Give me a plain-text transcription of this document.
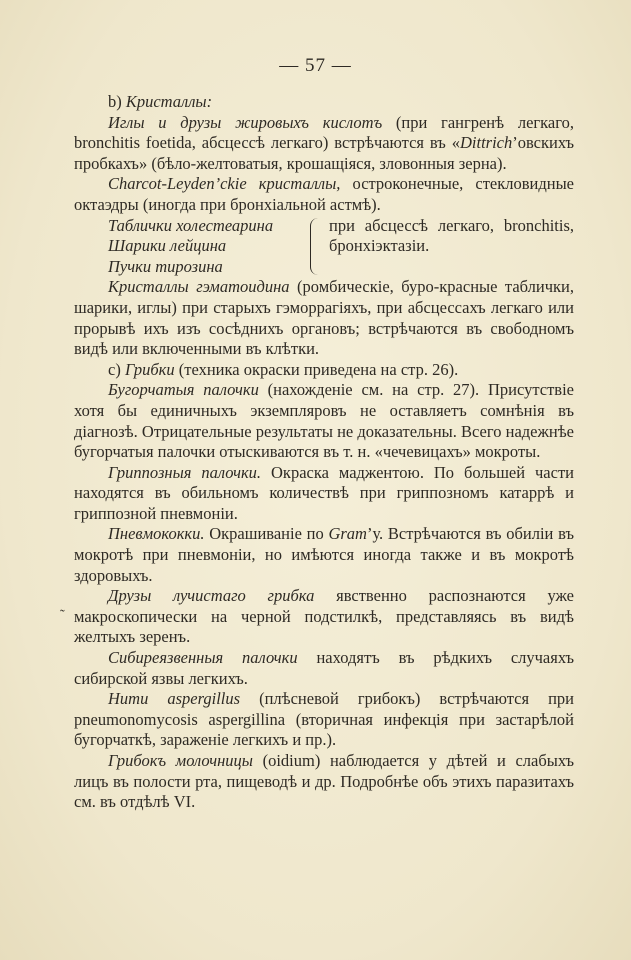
— 57 —
˷

b) Кристаллы:

Иглы и друзы жировыхъ кислотъ (при гангренѣ легкаго, bronchitis foetida, абсцессѣ легкаго) встрѣчаются въ «Dittrich’овскихъ пробкахъ» (бѣло-желтоватыя, крошащiяся, зловонныя зерна).

Charcot-Leyden’ckie кристаллы, остроконечные, стекловидные октаэдры (иногда при бронхiальной астмѣ).

Таблички холестеарина
Шарики лейцина
Пучки тирозина
при абсцессѣ легкаго, bronchitis, бронхiэктазiи.

Кристаллы гэматоидина (ромбическiе, буро-красные таблички, шарики, иглы) при старыхъ гэморрагiяхъ, при абсцессахъ легкаго или прорывѣ ихъ изъ сосѣднихъ органовъ; встрѣчаются въ свободномъ видѣ или включенными въ клѣтки.

c) Грибки (техника окраски приведена на стр. 26).

Бугорчатыя палочки (нахожденiе см. на стр. 27). Присутствiе хотя бы единичныхъ экземпляровъ не оставляетъ сомнѣнiя въ дiагнозѣ. Отрицательные результаты не доказательны. Всего надежнѣе бугорчатыя палочки отыскиваются въ т. н. «чечевицахъ» мокроты.

Гриппозныя палочки. Окраска маджентою. По большей части находятся въ обильномъ количествѣ при гриппозномъ катаррѣ и гриппозной пневмонiи.

Пневмококки. Окрашиванiе по Gram’у. Встрѣчаются въ обилiи въ мокротѣ при пневмонiи, но имѣются иногда также и въ мокротѣ здоровыхъ.

Друзы лучистаго грибка явственно распознаются уже макроскопически на черной подстилкѣ, представляясь въ видѣ желтыхъ зеренъ.

Сибиреязвенныя палочки находятъ въ рѣдкихъ случаяхъ сибирской язвы легкихъ.

Нити aspergillus (плѣсневой грибокъ) встрѣчаются при pneumonomycosis aspergillina (вторичная инфекцiя при застарѣлой бугорчаткѣ, зараженiе легкихъ и пр.).

Грибокъ молочницы (oidium) наблюдается у дѣтей и слабыхъ лицъ въ полости рта, пищеводѣ и др. Подробнѣе объ этихъ паразитахъ см. въ отдѣлѣ VI.
